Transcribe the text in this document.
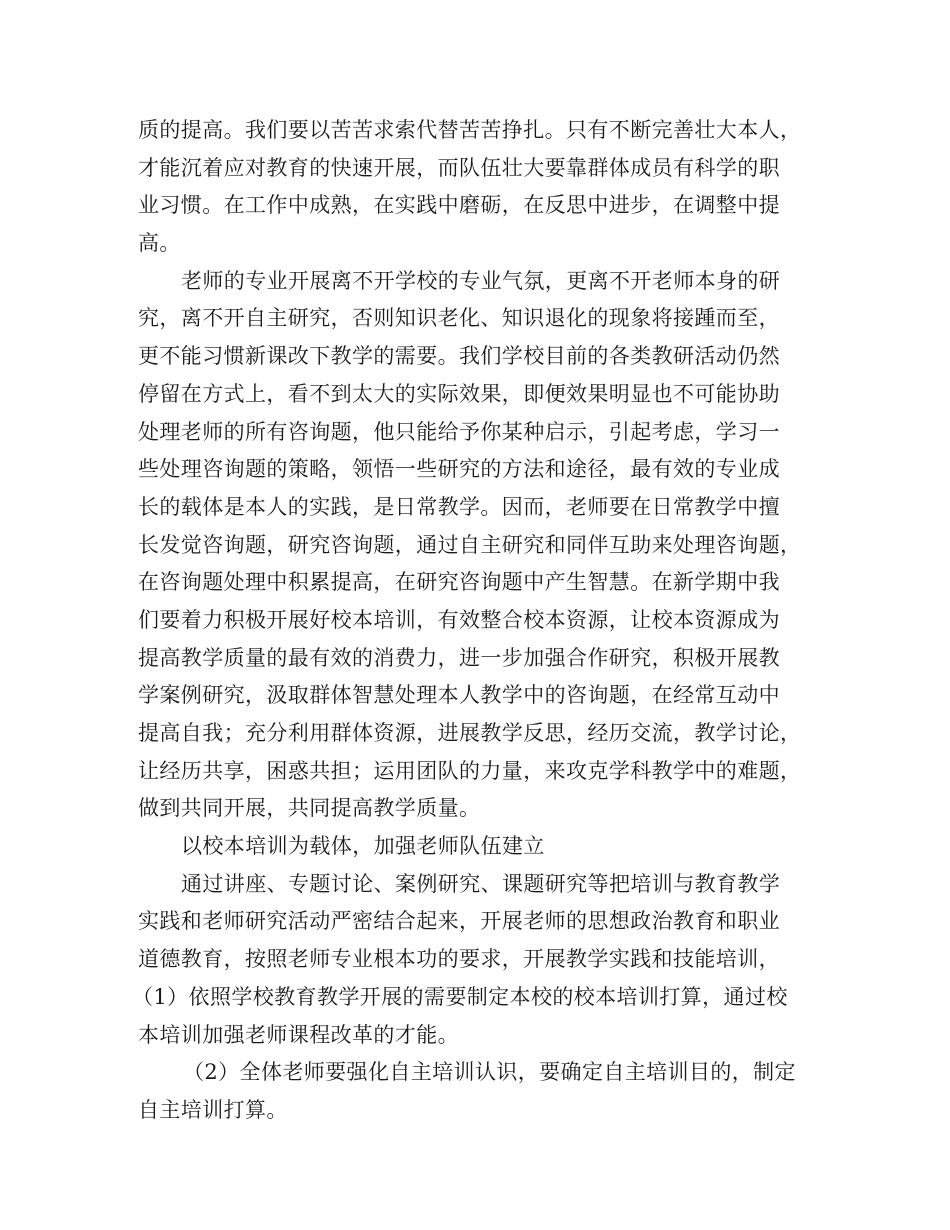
质的提高。我们要以苦苦求索代替苦苦挣扎。只有不断完善壮大本人，
才能沉着应对教育的快速开展，而队伍壮大要靠群体成员有科学的职
业习惯。在工作中成熟，在实践中磨砺，在反思中进步，在调整中提
高。
老师的专业开展离不开学校的专业气氛，更离不开老师本身的研
究，离不开自主研究，否则知识老化、知识退化的现象将接踵而至，
更不能习惯新课改下教学的需要。我们学校目前的各类教研活动仍然
停留在方式上，看不到太大的实际效果，即便效果明显也不可能协助
处理老师的所有咨询题，他只能给予你某种启示，引起考虑，学习一
些处理咨询题的策略，领悟一些研究的方法和途径，最有效的专业成
长的载体是本人的实践，是日常教学。因而，老师要在日常教学中擅
长发觉咨询题，研究咨询题，通过自主研究和同伴互助来处理咨询题，
在咨询题处理中积累提高，在研究咨询题中产生智慧。在新学期中我
们要着力积极开展好校本培训，有效整合校本资源，让校本资源成为
提高教学质量的最有效的消费力，进一步加强合作研究，积极开展教
学案例研究，汲取群体智慧处理本人教学中的咨询题，在经常互动中
提高自我；充分利用群体资源，进展教学反思，经历交流，教学讨论，
让经历共享，困惑共担；运用团队的力量，来攻克学科教学中的难题，
做到共同开展，共同提高教学质量。
以校本培训为载体，加强老师队伍建立
通过讲座、专题讨论、案例研究、课题研究等把培训与教育教学
实践和老师研究活动严密结合起来，开展老师的思想政治教育和职业
道德教育，按照老师专业根本功的要求，开展教学实践和技能培训，
（1）依照学校教育教学开展的需要制定本校的校本培训打算，通过校
本培训加强老师课程改革的才能。
（2）全体老师要强化自主培训认识，要确定自主培训目的，制定
自主培训打算。
